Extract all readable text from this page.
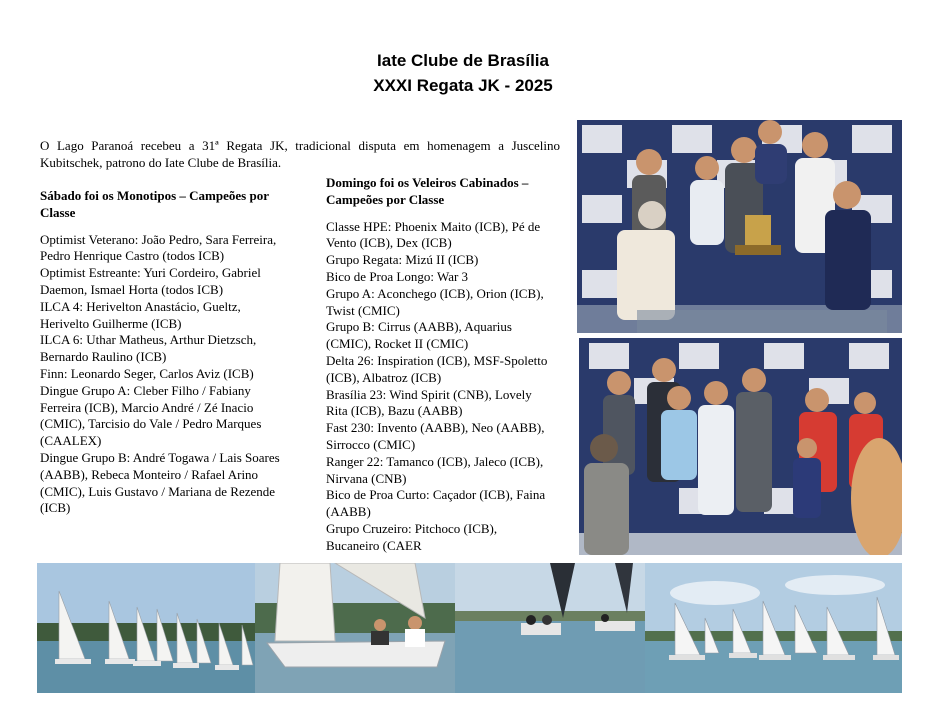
Iate Clube de Brasília
XXXI Regata JK - 2025
O Lago Paranoá recebeu a 31ª Regata JK, tradicional disputa em homenagem a Juscelino Kubitschek, patrono do Iate Clube de Brasília.
Sábado foi os Monotipos – Campeões por Classe
Optimist Veterano: João Pedro, Sara Ferreira,
Pedro Henrique Castro (todos ICB)
Optimist Estreante: Yuri Cordeiro, Gabriel
Daemon, Ismael Horta (todos ICB)
ILCA 4: Herivelton Anastácio, Gueltz,
Herivelto Guilherme (ICB)
ILCA 6: Uthar Matheus, Arthur Dietzsch,
Bernardo Raulino (ICB)
Finn: Leonardo Seger, Carlos Aviz (ICB)
Dingue Grupo A: Cleber Filho / Fabiany
Ferreira (ICB), Marcio André / Zé Inacio
(CMIC), Tarcisio do Vale / Pedro Marques
(CAALEX)
Dingue Grupo B: André Togawa / Lais Soares
(AABB), Rebeca Monteiro / Rafael Arino
(CMIC), Luis Gustavo / Mariana de Rezende
(ICB)
Domingo foi os Veleiros Cabinados – Campeões por Classe
Classe HPE: Phoenix Maito (ICB), Pé de
Vento (ICB), Dex (ICB)
Grupo Regata: Mizú II (ICB)
Bico de Proa Longo: War 3
Grupo A: Aconchego (ICB), Orion (ICB),
Twist (CMIC)
Grupo B: Cirrus (AABB), Aquarius
(CMIC), Rocket II (CMIC)
Delta 26: Inspiration (ICB), MSF-Spoletto
(ICB), Albatroz (ICB)
Brasília 23: Wind Spirit (CNB), Lovely
Rita (ICB), Bazu (AABB)
Fast 230: Invento (AABB), Neo (AABB),
Sirrocco (CMIC)
Ranger 22: Tamanco (ICB), Jaleco (ICB),
Nirvana (CNB)
Bico de Proa Curto: Caçador (ICB), Faina
(AABB)
Grupo Cruzeiro: Pitchoco (ICB),
Bucaneiro (CAER
